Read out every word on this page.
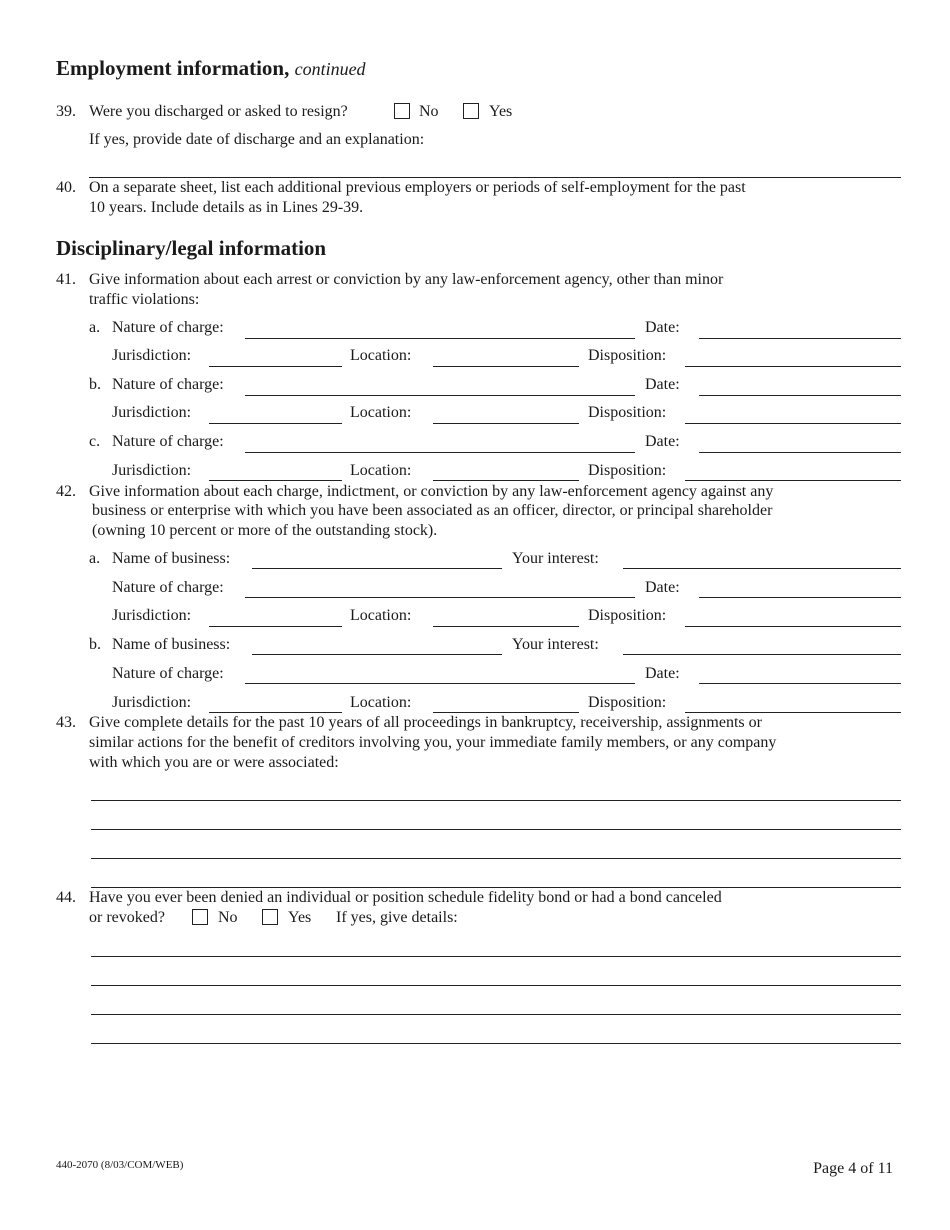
Employment information, continued
39. Were you discharged or asked to resign?	No	Yes
If yes, provide date of discharge and an explanation:
40. On a separate sheet, list each additional previous employers or periods of self-employment for the past
10 years. Include details as in Lines 29-39.
Disciplinary/legal information
41. Give information about each arrest or conviction by any law-enforcement agency, other than minor
traffic violations:
a. Nature of charge:	Date:
Jurisdiction:	Location:	Disposition:
b. Nature of charge:	Date:
Jurisdiction:	Location:	Disposition:
c. Nature of charge:	Date:
Jurisdiction:	Location:	Disposition:
42. Give information about each charge, indictment, or conviction by any law-enforcement agency against any
business or enterprise with which you have been associated as an officer, director, or principal shareholder
(owning 10 percent or more of the outstanding stock).
a. Name of business:	Your interest:
Nature of charge:	Date:
Jurisdiction:	Location:	Disposition:
b. Name of business:	Your interest:
Nature of charge:	Date:
Jurisdiction:	Location:	Disposition:
43. Give complete details for the past 10 years of all proceedings in bankruptcy, receivership, assignments or
similar actions for the benefit of creditors involving you, your immediate family members, or any company
with which you are or were associated:
44. Have you ever been denied an individual or position schedule fidelity bond or had a bond canceled
or revoked?	No	Yes If yes, give details:
440-2070 (8/03/COM/WEB)	Page 4 of 11
